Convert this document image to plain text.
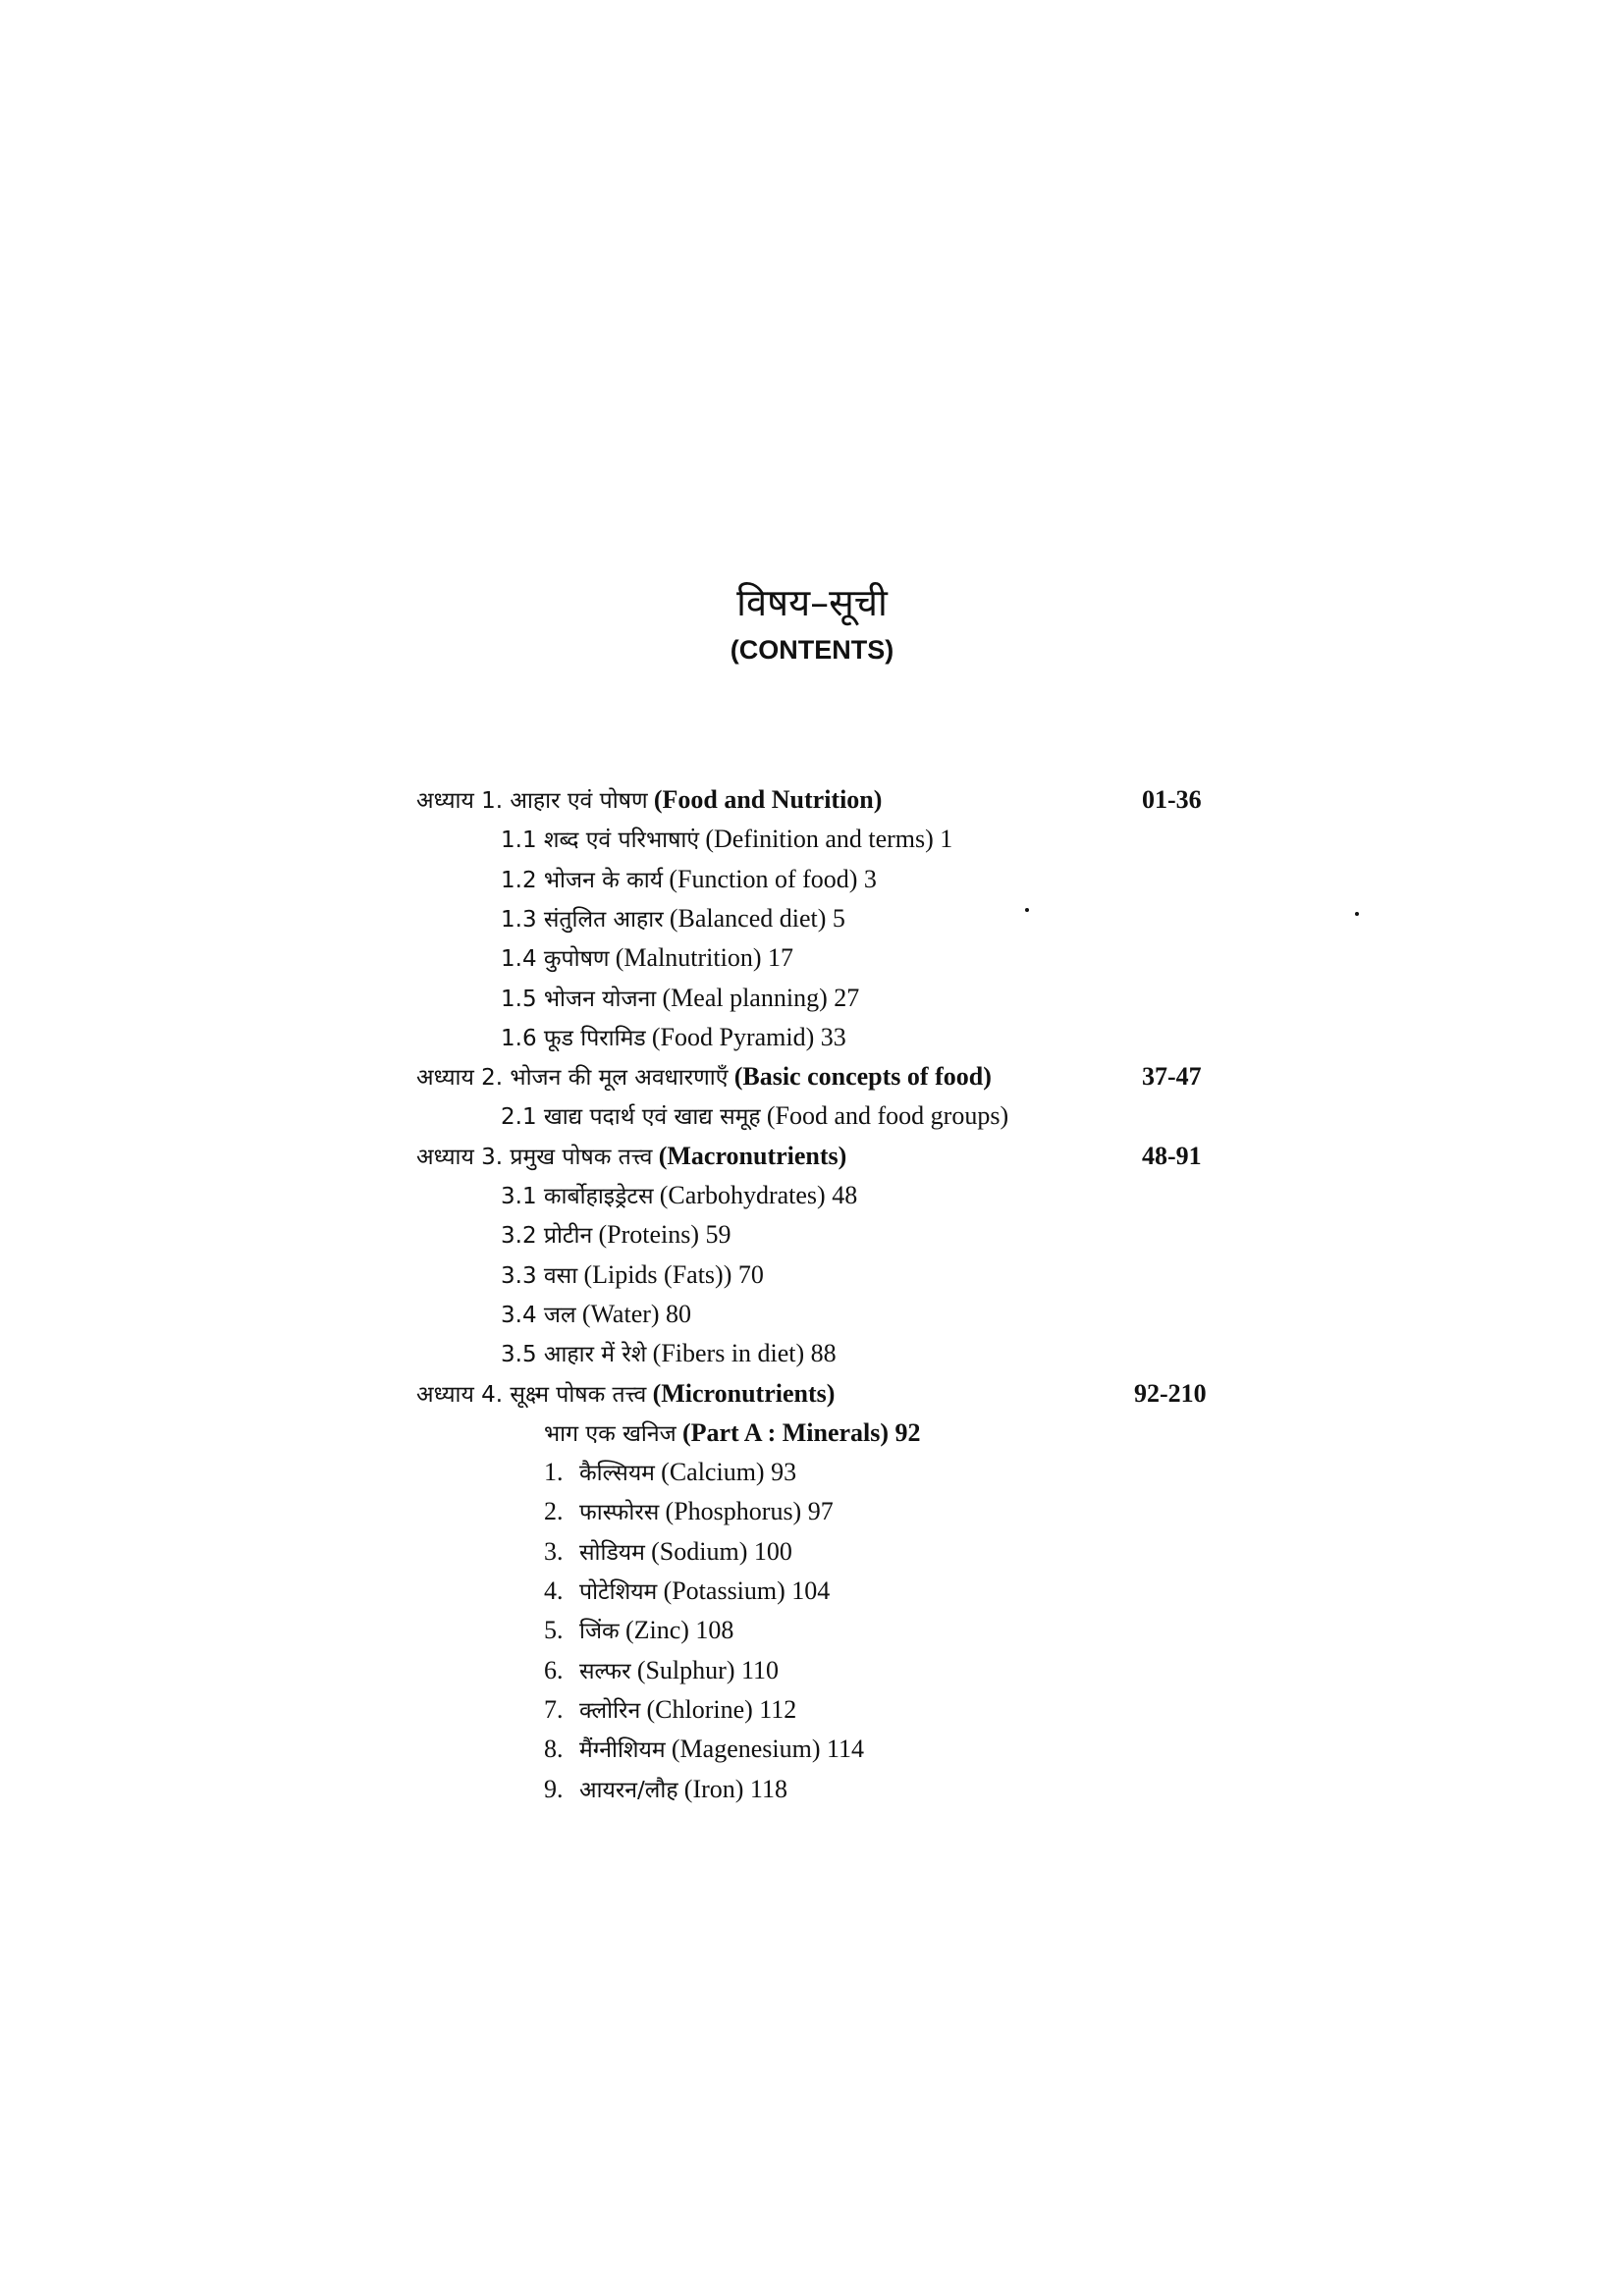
विषय–सूची
(CONTENTS)
अध्याय 1. आहार एवं पोषण (Food and Nutrition)	01-36
1.1 शब्द एवं परिभाषाएं (Definition and terms) 1
1.2 भोजन के कार्य (Function of food) 3
1.3 संतुलित आहार (Balanced diet) 5
1.4 कुपोषण (Malnutrition) 17
1.5 भोजन योजना (Meal planning) 27
1.6 फूड पिरामिड (Food Pyramid) 33
अध्याय 2. भोजन की मूल अवधारणाएँ (Basic concepts of food)	37-47
2.1 खाद्य पदार्थ एवं खाद्य समूह (Food and food groups)
अध्याय 3. प्रमुख पोषक तत्त्व (Macronutrients)	48-91
3.1 कार्बोहाइड्रेटस (Carbohydrates) 48
3.2 प्रोटीन (Proteins) 59
3.3 वसा (Lipids (Fats)) 70
3.4 जल (Water) 80
3.5 आहार में रेशे (Fibers in diet) 88
अध्याय 4. सूक्ष्म पोषक तत्त्व (Micronutrients)	92-210
भाग एक खनिज (Part A : Minerals) 92
1. कैल्सियम (Calcium) 93
2. फास्फोरस (Phosphorus) 97
3. सोडियम (Sodium) 100
4. पोटेशियम (Potassium) 104
5. जिंक (Zinc) 108
6. सल्फर (Sulphur) 110
7. क्लोरिन (Chlorine) 112
8. मैंग्नीशियम (Magenesium) 114
9. आयरन/लौह (Iron) 118
